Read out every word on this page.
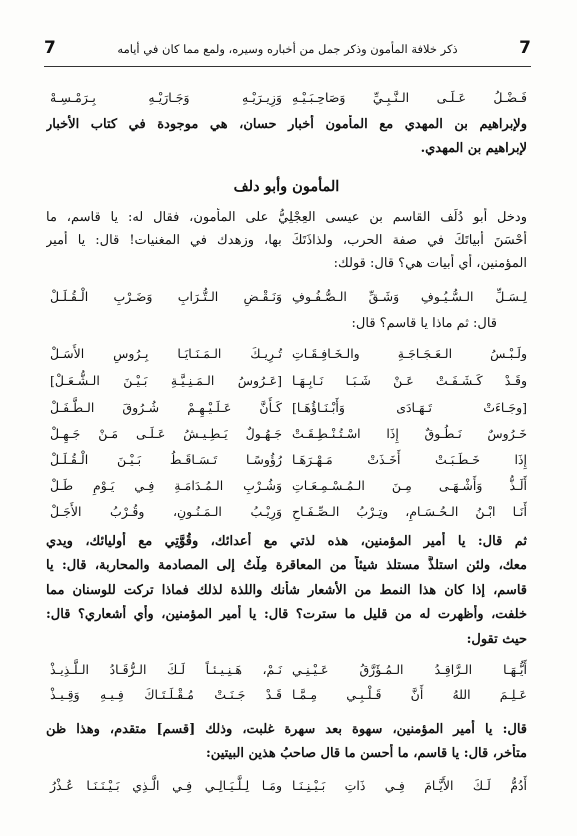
7
ذكر خلافة المأمون وذكر جمل من أخباره وسيره، ولمع مما كان في أيامه
7
فَـضْـلُ عَـلَـى الـنَّـبِـيِّ وَصَاحِـبَـيْـهِ
وَزِيـرَيْـهِ وَجَـارَيْـهِ بِـرَمْـسِـهْ
ولإبراهيم بن المهدي مع المأمون أخبار حسان، هي موجودة في كتاب الأخبار
لإبراهيم بن المهدي.
المأمون وأبو دلف
ودخل أبو دُلَف القاسم بن عيسى العِجْلِيُّ على المأمون، فقال له: يا قاسم، ما
أَحْسَنَ أبياتَكَ في صفة الحرب، ولذاذَتَكَ بها، وزهدك في المغنيات! قال: يا أمير
المؤمنين، أي أبيات هي؟ قال: قولك:
لِـسَـلِّ الـسُّـيُـوفِ وَشَـقِّ الـصُّـفُـوفِ
وَنَـقْـضِ الـتُّـرَابِ وَضَـرْبِ الْـقُـلَـلْ
قال: ثم ماذا يا قاسم؟ قال:
ولَـبْـسُ الـعَـجَـاجَـةِ والـخَـافِـقَـاتِ
تُـرِيـكَ الـمَـنَـايَـا بِـرُوسِ الأَسَـلْ
وقَـدْ كَـشَـفَـتْ عَـنْ شَـبَـا نَـابِـهَـا
[عَـرُوسُ الـمَـنِـيَّـةِ بَـيْـنَ الـشُّـعَـلْ]
[وجَـاءَتْ تَـهَـادَى وَأَبْـنَـاؤُهَـا]
كَـأَنَّ عَـلَـيْـهِـمْ شُـرُوقَ الـطَّـفَـلْ
خَـرُوسٌ نَـطُـوقٌ إِذَا اسْـتُـنْـطِـقَـتْ
جَـهُـولٌ يَـطِـيـشُ عَـلَـى مَـنْ جَـهِـلْ
إِذَا خَـطَـبَـتْ أَخَـذَتْ مَـهْـرَهَـا
رُؤُوسًـا تَـسَـاقَـطُ بَـيْـنَ الْـقُـلَـلْ
أَلَـذُّ وَأَشْـهَـى مِـنَ الـمُـسْـمِـعَـاتِ
وَشُـرْبِ الـمُـدَامَـةِ فِـي يَـوْمِ طَـلْ
أَنَـا ابْـنُ الـحُـسَـامِ، وتِـرْبُ الـصِّـفَـاحِ
وَرِيْـبُ الـمَـنُـونِ، وقُـرْبُ الأَجَـلْ
ثم قال: يا أمير المؤمنين، هذه لذتي مع أعدائك، وقُوَّتِي مع أوليائك، ويدي
معك، ولئن استلذَّ مستلذ شيئاً من المعاقرة مِلْتُ إلى المصادمة والمحاربة، قال: يا
قاسم، إذا كان هذا النمط من الأشعار شأنك واللذة لذلك فماذا تركت للوسنان مما
خلفت، وأظهرت له من قليل ما سترت؟ قال: يا أمير المؤمنين، وأي أشعاري؟ قال:
حيث تقول:
أَيُّـهَـا الـرَّاقِـدُ الـمُـؤَرَّقُ عَـيْـنِـي
نَـمْ، هَـنِـيـئـاً لَـكَ الـرُّقَـادُ الـلَّـذِيـذْ
عَـلِـمَ اللهُ أَنَّ قَـلْـبِـي مِـمَّـا
قَـدْ جَـنَـتْ مُـقْـلَـتَـاكَ فِـيـهِ وَقِـيـذْ
قال: يا أمير المؤمنين، سهوة بعد سهرة غلبت، وذلك [قسم] متقدم، وهذا ظن
متأخر، قال: يا قاسم، ما أحسن ما قال صاحبُ هذين البيتين:
أَدُمُّ لَـكَ الأَيَّـامَ فِـي ذَاتِ بَـيْـنِـنَـا
ومَـا لِـلَّـيَـالِـي فِـي الَّـذِي بَـيْـنَـنَـا عُـذْرُ
